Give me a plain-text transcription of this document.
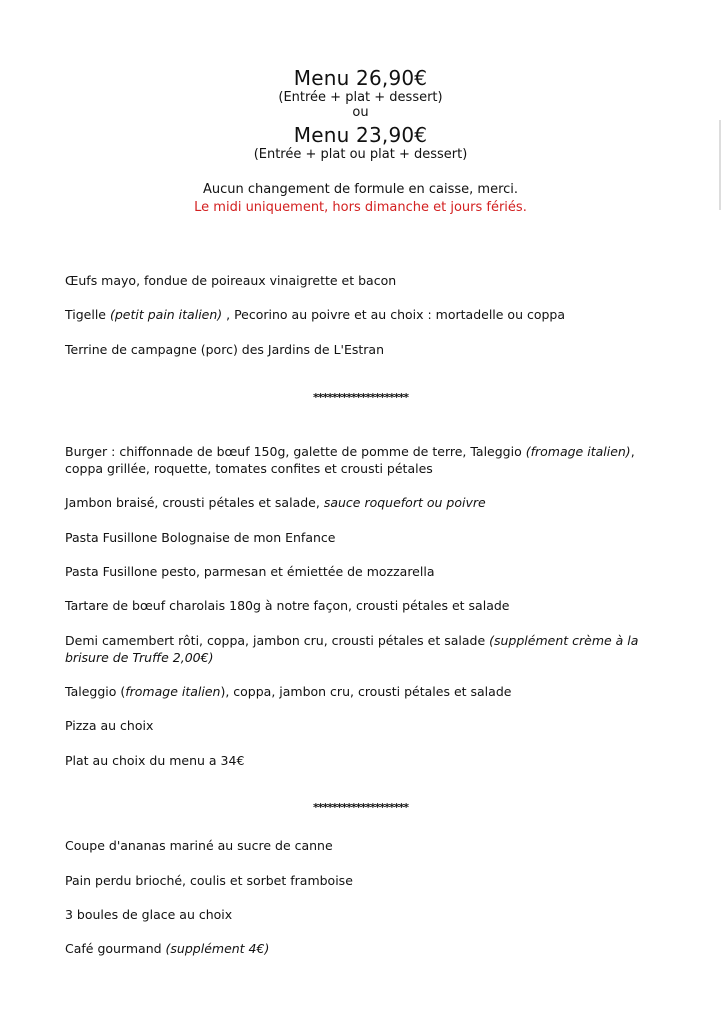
Menu 26,90€
(Entrée + plat + dessert)
ou
Menu 23,90€
(Entrée + plat ou plat + dessert)
Aucun changement de formule en caisse, merci.
Le midi uniquement, hors dimanche et jours fériés.
Œufs mayo, fondue de poireaux vinaigrette et bacon
Tigelle (petit pain italien) , Pecorino au poivre et au choix : mortadelle ou coppa
Terrine de campagne (porc) des Jardins de L'Estran
********************
Burger : chiffonnade de bœuf 150g, galette de pomme de terre, Taleggio (fromage italien), coppa grillée, roquette, tomates confites et crousti pétales
Jambon braisé, crousti pétales et salade, sauce roquefort ou poivre
Pasta Fusillone Bolognaise de mon Enfance
Pasta Fusillone pesto, parmesan et émiettée de mozzarella
Tartare de bœuf charolais 180g à notre façon, crousti pétales et salade
Demi camembert rôti, coppa, jambon cru, crousti pétales et salade (supplément crème à la brisure de Truffe 2,00€)
Taleggio (fromage italien), coppa, jambon cru, crousti pétales et salade
Pizza au choix
Plat au choix du menu a 34€
********************
Coupe d'ananas mariné au sucre de canne
Pain perdu brioché, coulis et sorbet framboise
3 boules de glace au choix
Café gourmand (supplément 4€)
